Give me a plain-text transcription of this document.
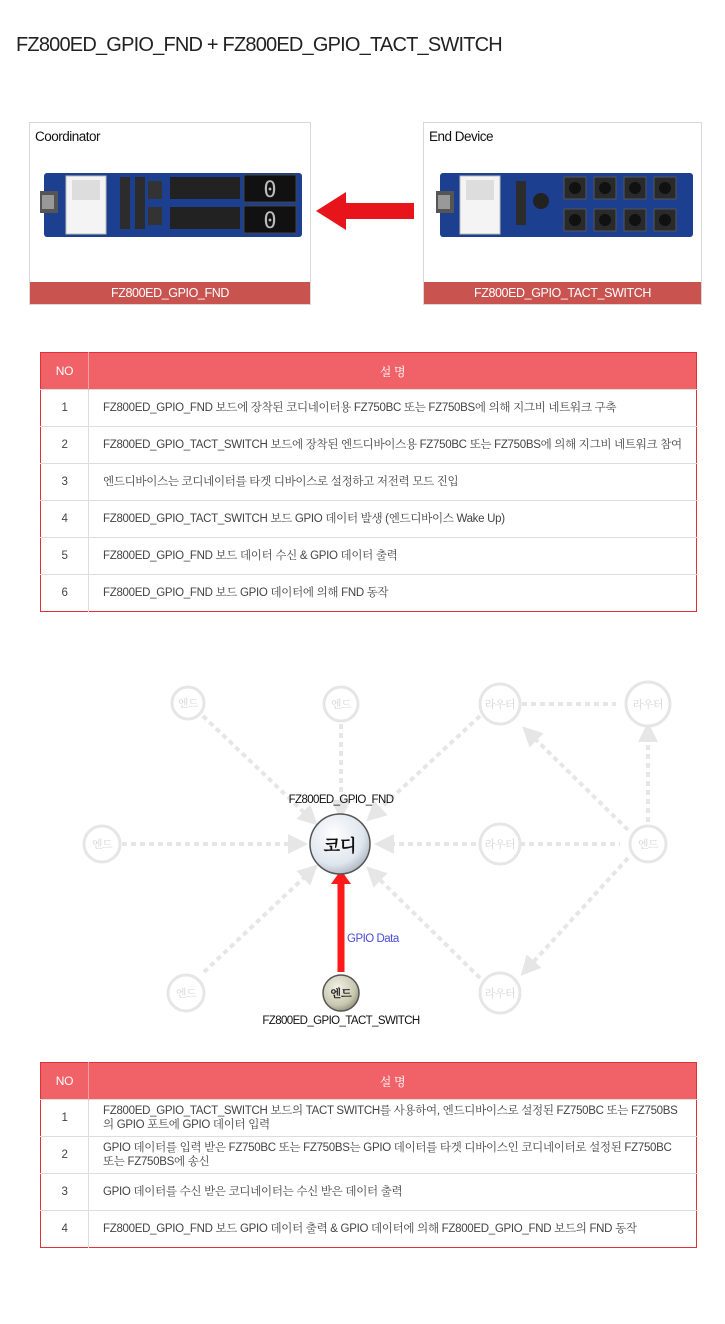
FZ800ED_GPIO_FND + FZ800ED_GPIO_TACT_SWITCH
Coordinator
0
0
FZ800ED_GPIO_FND
End Device
FZ800ED_GPIO_TACT_SWITCH
NO	설 명
1	FZ800ED_GPIO_FND 보드에 장착된 코디네이터용 FZ750BC 또는 FZ750BS에 의해 지그비 네트워크 구축
2	FZ800ED_GPIO_TACT_SWITCH 보드에 장착된 엔드디바이스용 FZ750BC 또는 FZ750BS에 의해 지그비 네트워크 참여
3	엔드디바이스는 코디네이터를 타겟 디바이스로 설정하고 저전력 모드 진입
4	FZ800ED_GPIO_TACT_SWITCH 보드 GPIO 데이터 발생 (엔드디바이스 Wake Up)
5	FZ800ED_GPIO_FND 보드 데이터 수신 & GPIO 데이터 출력
6	FZ800ED_GPIO_FND 보드 GPIO 데이터에 의해 FND 동작
엔드	엔드	라우터	라우터
엔드	라우터	엔드
엔드	라우터
FZ800ED_GPIO_FND
코디
GPIO Data
엔드
FZ800ED_GPIO_TACT_SWITCH
NO	설 명
1	FZ800ED_GPIO_TACT_SWITCH 보드의 TACT SWITCH를 사용하여, 엔드디바이스로 설정된 FZ750BC 또는 FZ750BS의 GPIO 포트에 GPIO 데이터 입력
2	GPIO 데이터를 입력 받은 FZ750BC 또는 FZ750BS는 GPIO 데이터를 타겟 디바이스인 코디네이터로 설정된 FZ750BC 또는 FZ750BS에 송신
3	GPIO 데이터를 수신 받은 코디네이터는 수신 받은 데이터 출력
4	FZ800ED_GPIO_FND 보드 GPIO 데이터 출력 & GPIO 데이터에 의해 FZ800ED_GPIO_FND 보드의 FND 동작
